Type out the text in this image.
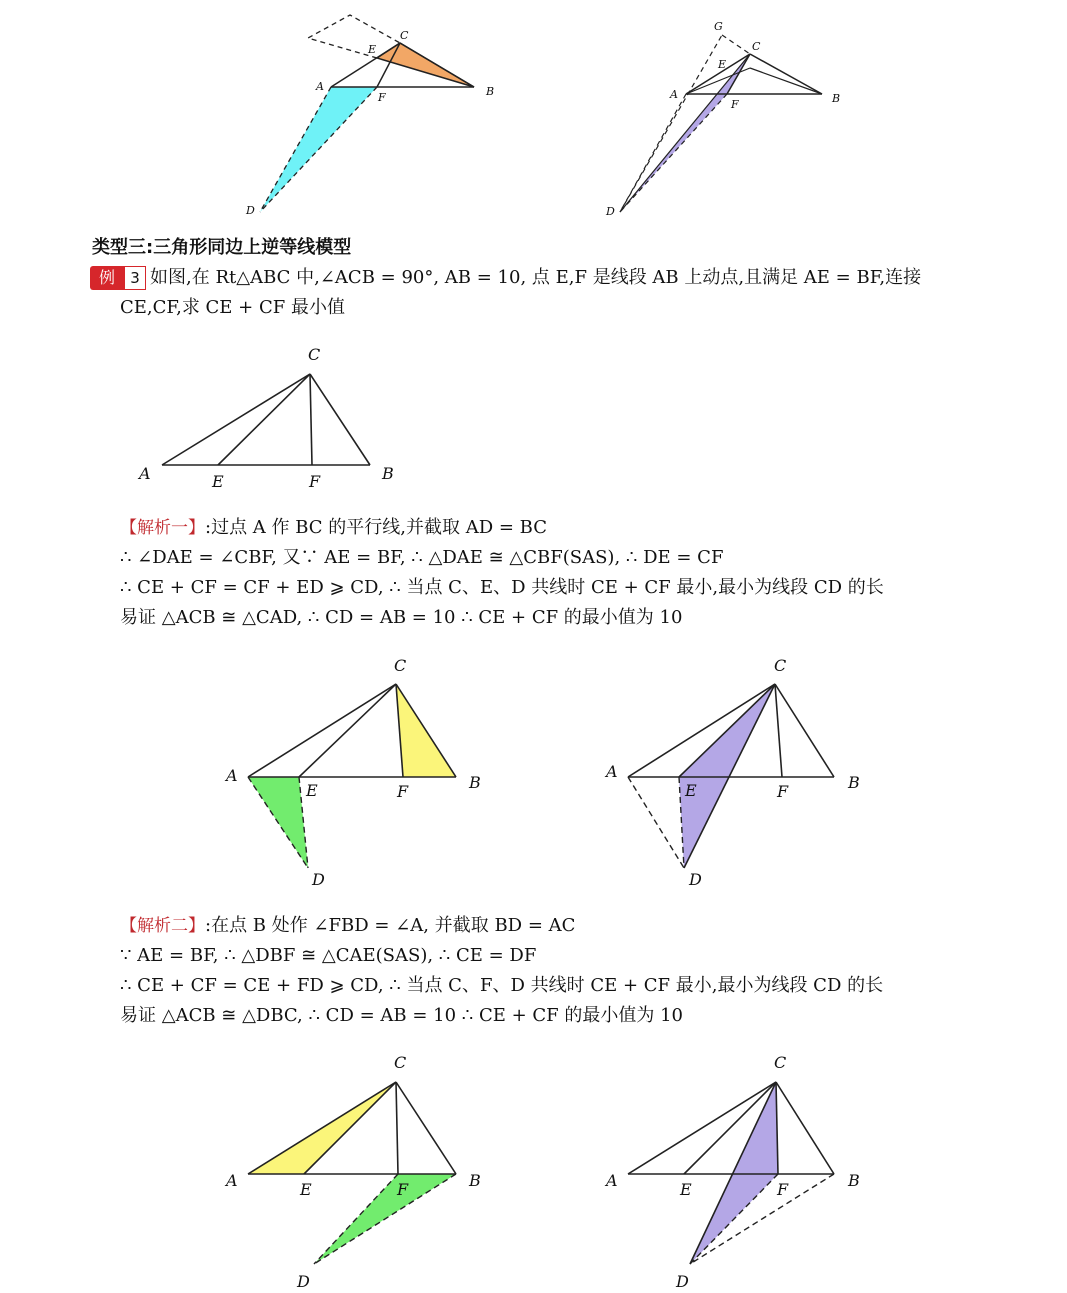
C
E
A
F	B
D
G
C
E
A
F	B
D
类型三:三角形同边上逆等线模型
例	3 如图,在 Rt△ABC 中,∠ACB = 90°, AB = 10, 点 E,F 是线段 AB 上动点,且满足 AE = BF,连接
CE,CF,求 CE + CF 最小值
C
A	E	F	B
【解析一】:过点 A 作 BC 的平行线,并截取 AD = BC
∴ ∠DAE = ∠CBF, 又∵ AE = BF, ∴ △DAE ≅ △CBF(SAS), ∴ DE = CF
∴ CE + CF = CF + ED ⩾ CD, ∴ 当点 C、E、D 共线时 CE + CF 最小,最小为线段 CD 的长
易证 △ACB ≅ △CAD, ∴ CD = AB = 10 ∴ CE + CF 的最小值为 10
C
A
E	F	B
D
C
A
E	F	B
D
【解析二】:在点 B 处作 ∠FBD = ∠A, 并截取 BD = AC
∵ AE = BF, ∴ △DBF ≅ △CAE(SAS), ∴ CE = DF
∴ CE + CF = CE + FD ⩾ CD, ∴ 当点 C、F、D 共线时 CE + CF 最小,最小为线段 CD 的长
易证 △ACB ≅ △DBC, ∴ CD = AB = 10 ∴ CE + CF 的最小值为 10
C
A	E	F	B
D
C
A	E	F	B
D
